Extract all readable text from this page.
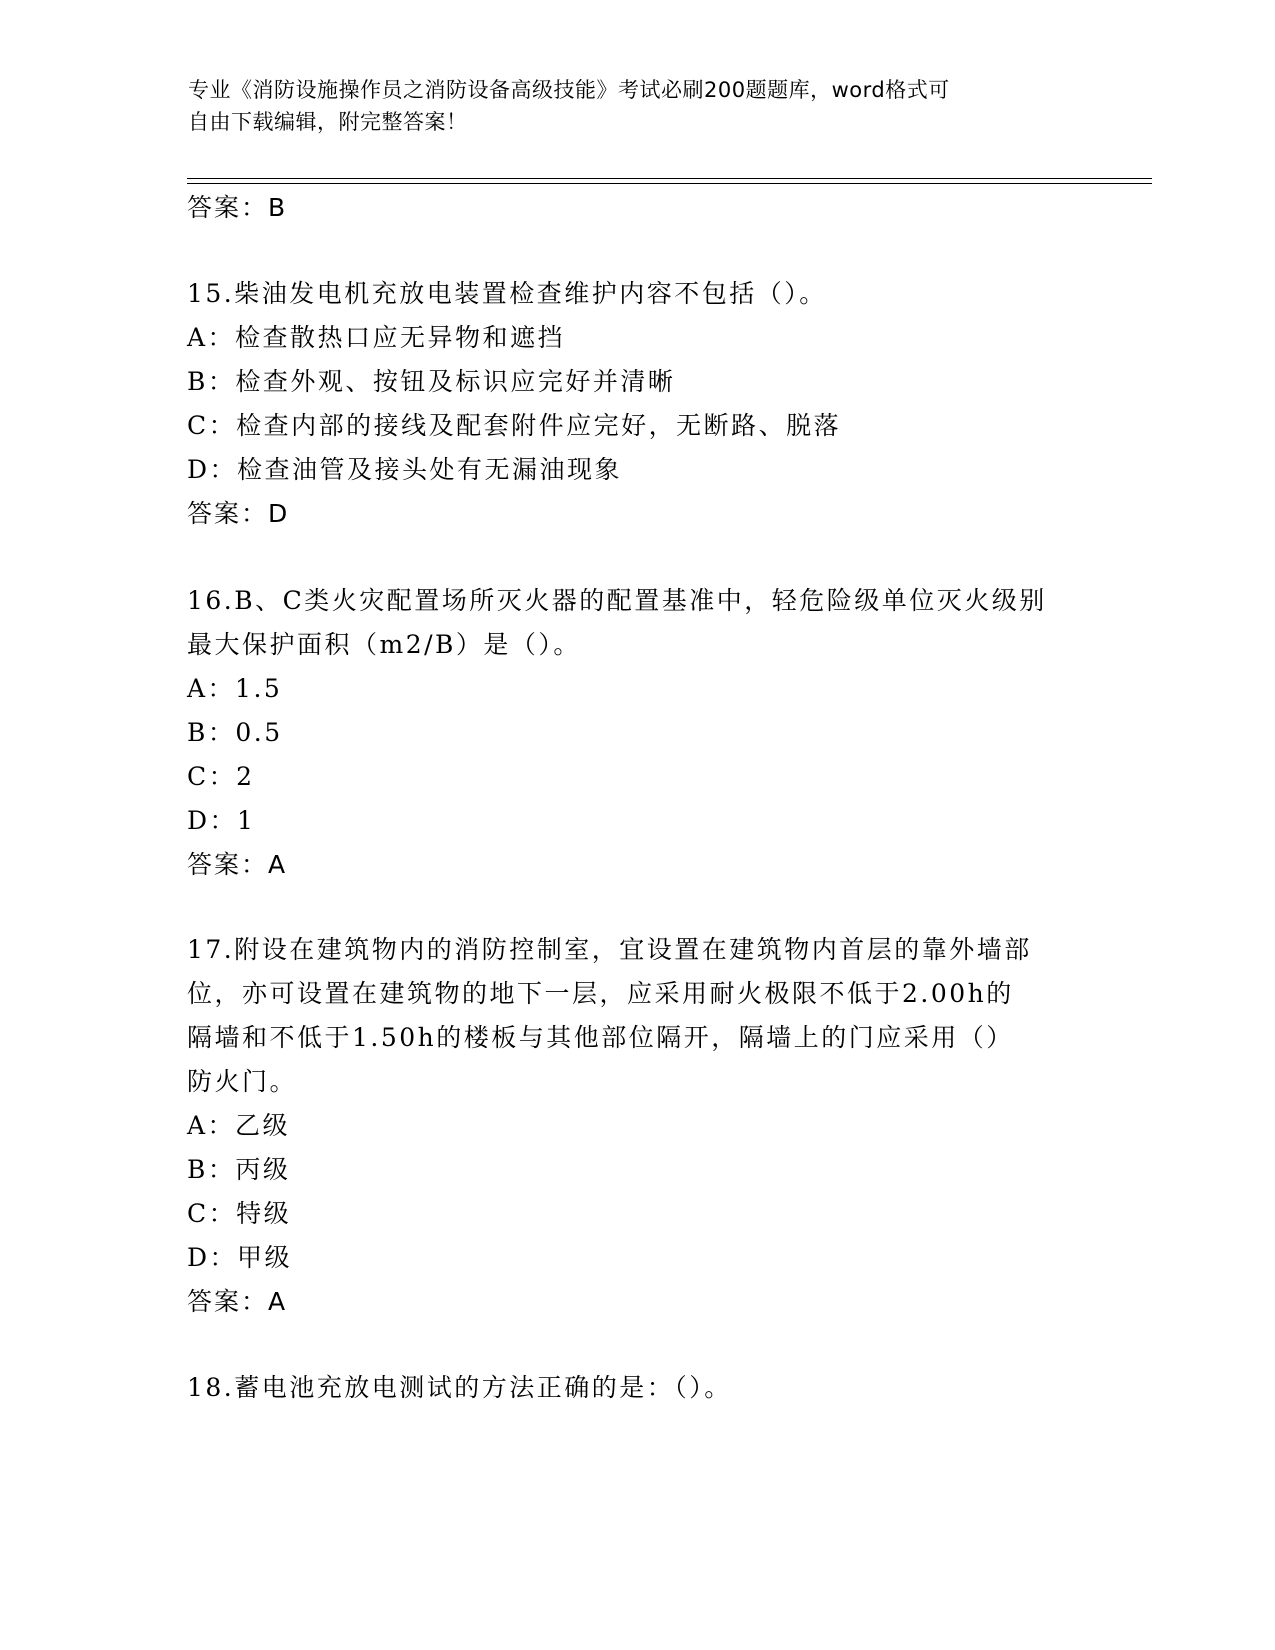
专业《消防设施操作员之消防设备高级技能》考试必刷200题题库，word格式可
自由下载编辑，附完整答案！
答案：B
15.柴油发电机充放电装置检查维护内容不包括（）。
A：检查散热口应无异物和遮挡
B：检查外观、按钮及标识应完好并清晰
C：检查内部的接线及配套附件应完好，无断路、脱落
D：检查油管及接头处有无漏油现象
答案：D
16.B、C类火灾配置场所灭火器的配置基准中，轻危险级单位灭火级别
最大保护面积（m2/B）是（）。
A：1.5
B：0.5
C：2
D：1
答案：A
17.附设在建筑物内的消防控制室，宜设置在建筑物内首层的靠外墙部
位，亦可设置在建筑物的地下一层，应采用耐火极限不低于2.00h的
隔墙和不低于1.50h的楼板与其他部位隔开，隔墙上的门应采用（）
防火门。
A：乙级
B：丙级
C：特级
D：甲级
答案：A
18.蓄电池充放电测试的方法正确的是：（）。
